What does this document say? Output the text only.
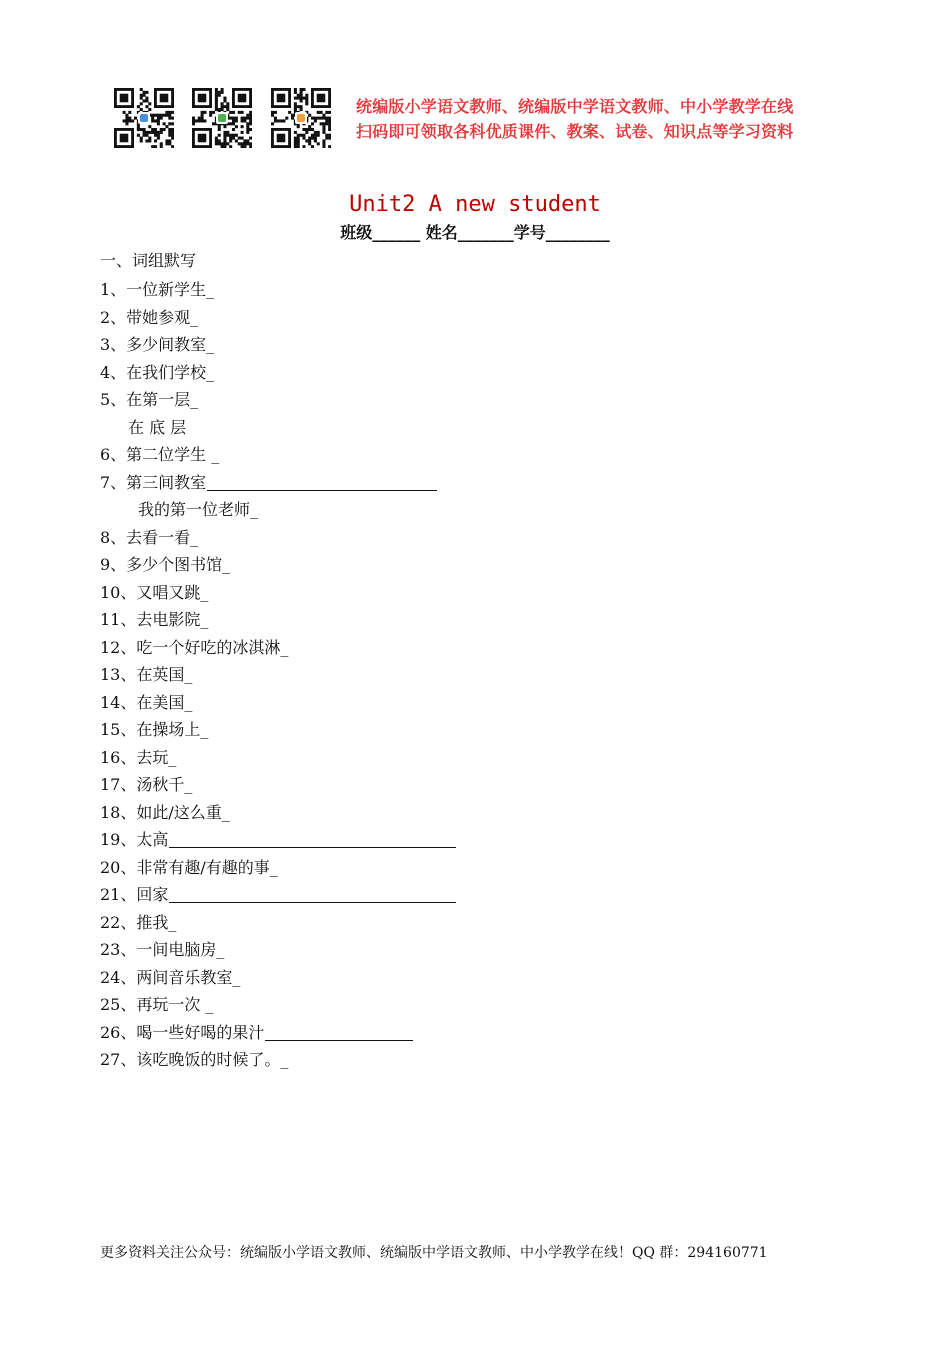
统编版小学语文教师、统编版中学语文教师、中小学教学在线
扫码即可领取各科优质课件、教案、试卷、知识点等学习资料
Unit2 A new student
班级______ 姓名_______学号________
一、词组默写
1、一位新学生_
2、带她参观_
3、多少间教室_
4、在我们学校_
5、在第一层_
在 底 层
6、第二位学生 _
7、第三间教室
我的第一位老师_
8、去看一看_
9、多少个图书馆_
10、又唱又跳_
11、去电影院_
12、吃一个好吃的冰淇淋_
13、在英国_
14、在美国_
15、在操场上_
16、去玩_
17、汤秋千_
18、如此/这么重_
19、太高
20、非常有趣/有趣的事_
21、回家
22、推我_
23、一间电脑房_
24、两间音乐教室_
25、再玩一次 _
26、喝一些好喝的果汁
27、该吃晚饭的时候了。_
更多资料关注公众号：统编版小学语文教师、统编版中学语文教师、中小学教学在线！QQ 群：294160771
